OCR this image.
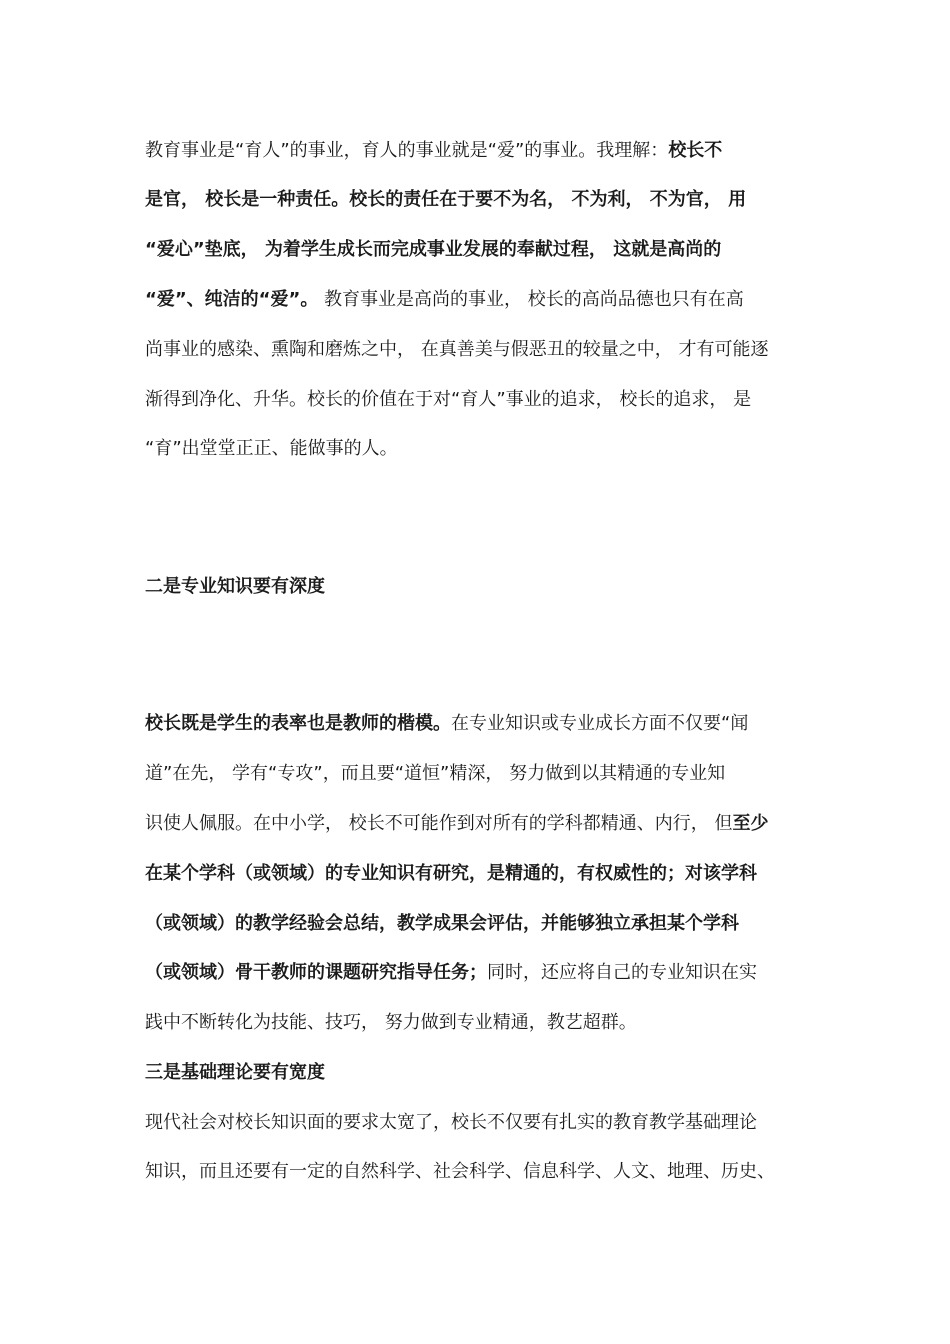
教育事业是“育人”的事业，育人的事业就是“爱”的事业。我理解：校长不
是官， 校长是一种责任。校长的责任在于要不为名， 不为利， 不为官， 用
“爱心”垫底， 为着学生成长而完成事业发展的奉献过程， 这就是高尚的
“爱”、纯洁的“爱”。 教育事业是高尚的事业， 校长的高尚品德也只有在高
尚事业的感染、熏陶和磨炼之中， 在真善美与假恶丑的较量之中， 才有可能逐
渐得到净化、升华。校长的价值在于对“育人”事业的追求， 校长的追求， 是
“育”出堂堂正正、能做事的人。
二是专业知识要有深度
校长既是学生的表率也是教师的楷模。在专业知识或专业成长方面不仅要“闻
道”在先， 学有“专攻”，而且要“道恒”精深， 努力做到以其精通的专业知
识使人佩服。在中小学， 校长不可能作到对所有的学科都精通、内行， 但至少
在某个学科（或领域）的专业知识有研究，是精通的，有权威性的；对该学科
（或领域）的教学经验会总结，教学成果会评估，并能够独立承担某个学科
（或领域）骨干教师的课题研究指导任务；同时，还应将自己的专业知识在实
践中不断转化为技能、技巧， 努力做到专业精通，教艺超群。
三是基础理论要有宽度
现代社会对校长知识面的要求太宽了，校长不仅要有扎实的教育教学基础理论
知识，而且还要有一定的自然科学、社会科学、信息科学、人文、地理、历史、
